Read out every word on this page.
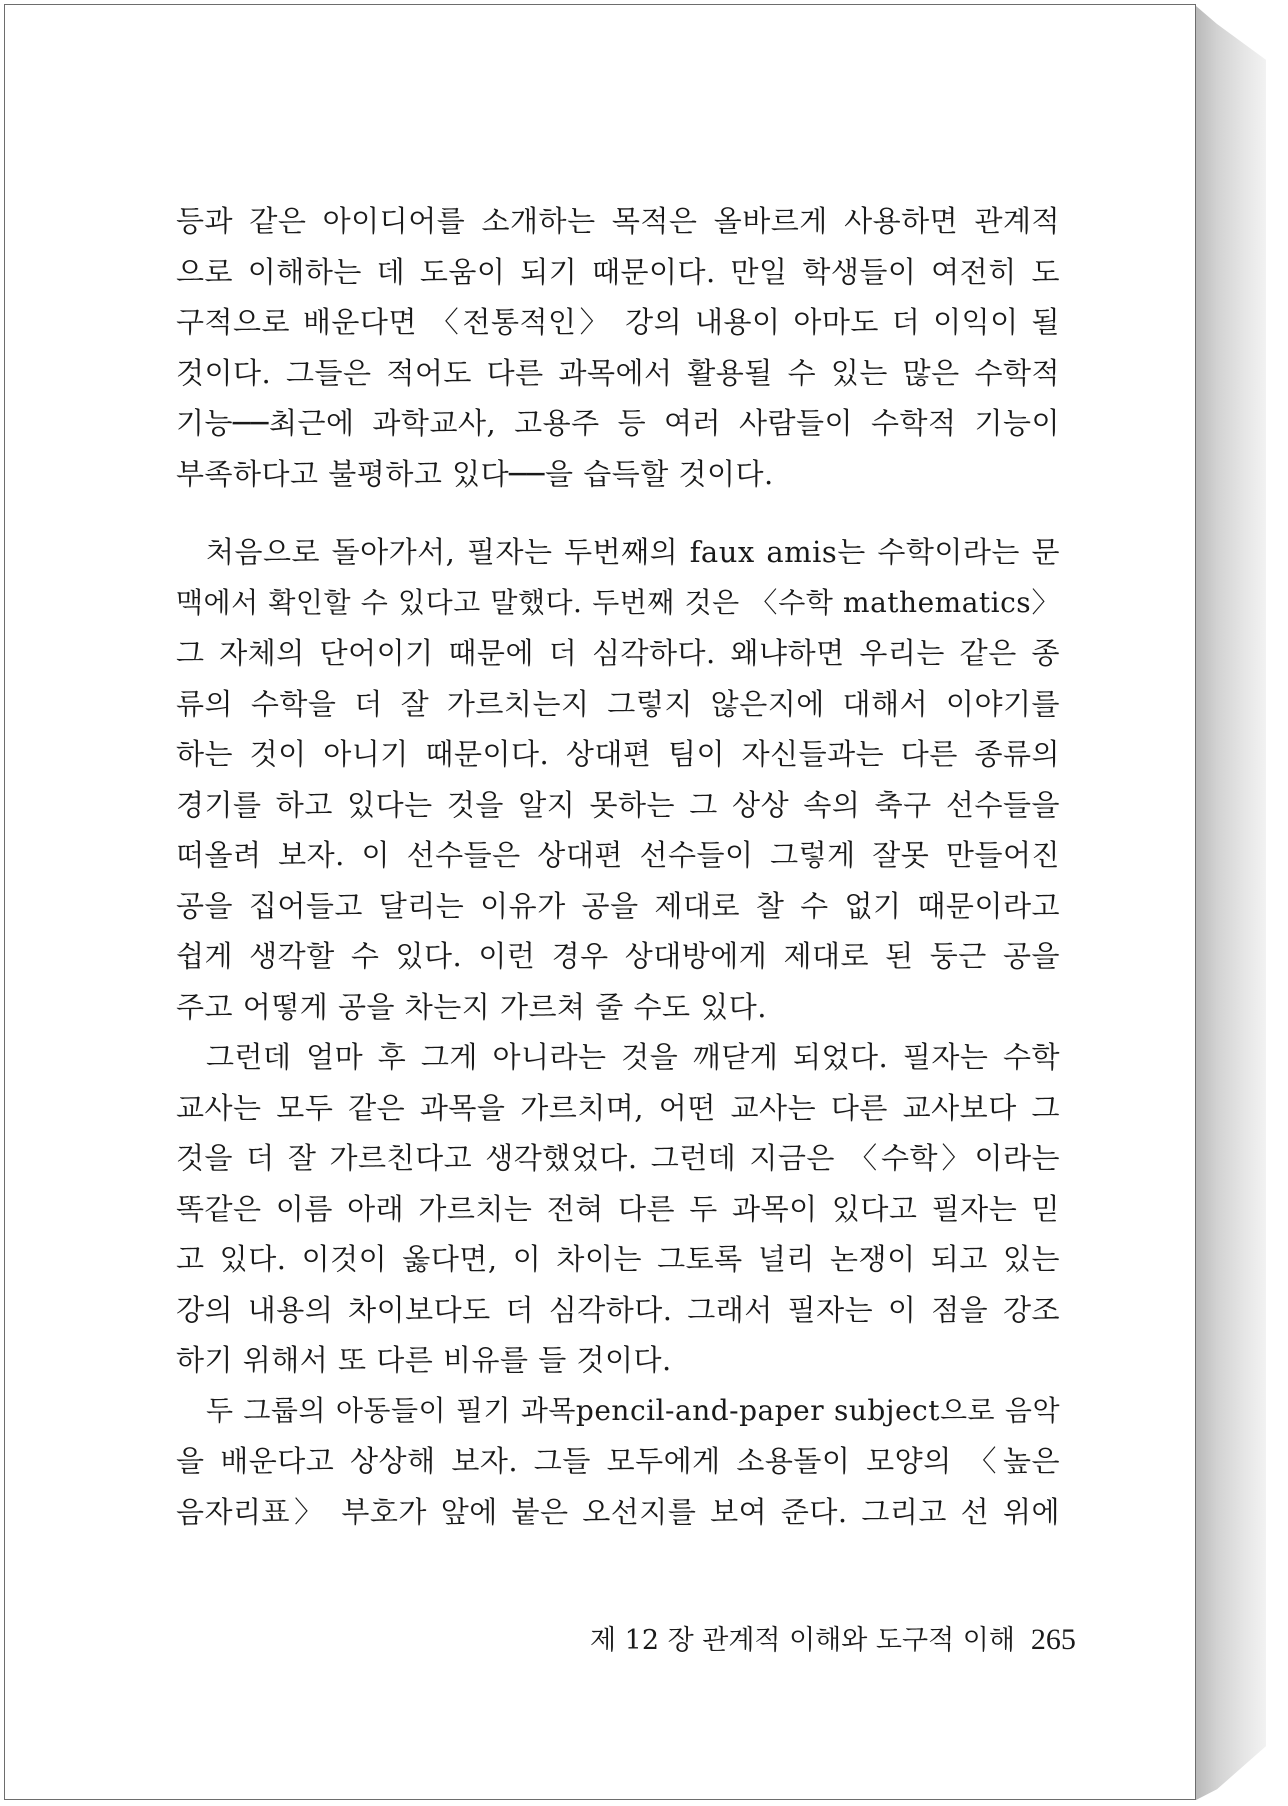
등과 같은 아이디어를 소개하는 목적은 올바르게 사용하면 관계적
으로 이해하는 데 도움이 되기 때문이다. 만일 학생들이 여전히 도
구적으로 배운다면 〈전통적인〉 강의 내용이 아마도 더 이익이 될
것이다. 그들은 적어도 다른 과목에서 활용될 수 있는 많은 수학적
기능──최근에 과학교사, 고용주 등 여러 사람들이 수학적 기능이
부족하다고 불평하고 있다──을 습득할 것이다.

처음으로 돌아가서, 필자는 두번째의 faux amis는 수학이라는 문
맥에서 확인할 수 있다고 말했다. 두번째 것은 〈수학 mathematics〉
그 자체의 단어이기 때문에 더 심각하다. 왜냐하면 우리는 같은 종
류의 수학을 더 잘 가르치는지 그렇지 않은지에 대해서 이야기를
하는 것이 아니기 때문이다. 상대편 팀이 자신들과는 다른 종류의
경기를 하고 있다는 것을 알지 못하는 그 상상 속의 축구 선수들을
떠올려 보자. 이 선수들은 상대편 선수들이 그렇게 잘못 만들어진
공을 집어들고 달리는 이유가 공을 제대로 찰 수 없기 때문이라고
쉽게 생각할 수 있다. 이런 경우 상대방에게 제대로 된 둥근 공을
주고 어떻게 공을 차는지 가르쳐 줄 수도 있다.

그런데 얼마 후 그게 아니라는 것을 깨닫게 되었다. 필자는 수학
교사는 모두 같은 과목을 가르치며, 어떤 교사는 다른 교사보다 그
것을 더 잘 가르친다고 생각했었다. 그런데 지금은 〈수학〉이라는
똑같은 이름 아래 가르치는 전혀 다른 두 과목이 있다고 필자는 믿
고 있다. 이것이 옳다면, 이 차이는 그토록 널리 논쟁이 되고 있는
강의 내용의 차이보다도 더 심각하다. 그래서 필자는 이 점을 강조
하기 위해서 또 다른 비유를 들 것이다.

두 그룹의 아동들이 필기 과목pencil-and-paper subject으로 음악
을 배운다고 상상해 보자. 그들 모두에게 소용돌이 모양의 〈높은
음자리표〉 부호가 앞에 붙은 오선지를 보여 준다. 그리고 선 위에

제 12 장 관계적 이해와 도구적 이해 265
